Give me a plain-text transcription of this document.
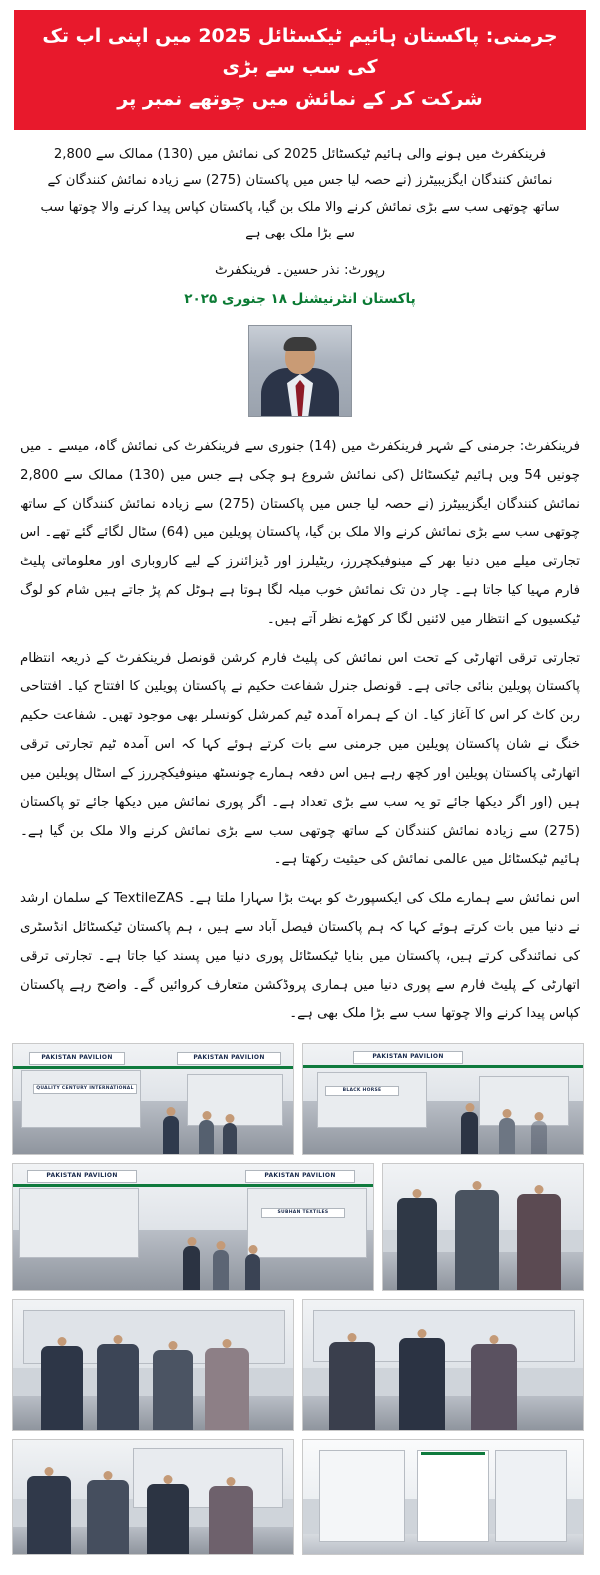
جرمنی: پاکستان ہائیم ٹیکسٹائل 2025 میں اپنی اب تک کی سب سے بڑی
شرکت کر کے نمائش میں چوتھے نمبر پر
فرینکفرٹ میں ہونے والی ہائیم ٹیکسٹائل 2025 کی نمائش میں (130) ممالک سے 2,800 نمائش کنندگان ایگزیبیٹرز (نے حصہ لیا جس میں پاکستان (275) سے زیادہ نمائش کنندگان کے ساتھ چوتھی سب سے بڑی نمائش کرنے والا ملک بن گیا، پاکستان کپاس پیدا کرنے والا چوتھا سب سے بڑا ملک بھی ہے
رپورٹ: نذر حسین۔ فرینکفرٹ
پاکستان انٹرنیشنل ۱۸ جنوری ۲۰۲۵

فرینکفرٹ: جرمنی کے شہر فرینکفرٹ میں (14) جنوری سے فرینکفرٹ کی نمائش گاہ، میسے ۔ میں چونیں 54 ویں ہائیم ٹیکسٹائل (کی نمائش شروع ہو چکی ہے جس میں (130) ممالک سے 2,800 نمائش کنندگان ایگزیبیٹرز (نے حصہ لیا جس میں پاکستان (275) سے زیادہ نمائش کنندگان کے ساتھ چوتھی سب سے بڑی نمائش کرنے والا ملک بن گیا، پاکستان پویلین میں (64) سٹال لگائے گئے تھے۔ اس تجارتی میلے میں دنیا بھر کے مینوفیکچررز، ریٹیلرز اور ڈیزائنرز کے لیے کاروباری اور معلوماتی پلیٹ فارم مہیا کیا جاتا ہے۔ چار دن تک نمائش خوب میلہ لگا ہوتا ہے ہوٹل کم پڑ جاتے ہیں شام کو لوگ ٹیکسیوں کے انتظار میں لائنیں لگا کر کھڑے نظر آتے ہیں۔

تجارتی ترقی اتھارٹی کے تحت اس نمائش کی پلیٹ فارم کرشن قونصل فرینکفرٹ کے ذریعہ انتظام پاکستان پویلین بنائی جاتی ہے۔ قونصل جنرل شفاعت حکیم نے پاکستان پویلین کا افتتاح کیا۔ افتتاحی ربن کاٹ کر اس کا آغاز کیا۔ ان کے ہمراہ آمدہ ٹیم کمرشل کونسلر بھی موجود تھیں۔ شفاعت حکیم خنگ نے شان پاکستان پویلین میں جرمنی سے بات کرتے ہوئے کہا کہ اس آمدہ ٹیم تجارتی ترقی اتھارٹی پاکستان پویلین اور کچھ رہے ہیں اس دفعہ ہمارے چونسٹھ مینوفیکچررز کے اسٹال پویلین میں ہیں (اور اگر دیکھا جائے تو یہ سب سے بڑی تعداد ہے۔ اگر پوری نمائش میں دیکھا جائے تو پاکستان (275) سے زیادہ نمائش کنندگان کے ساتھ چوتھی سب سے بڑی نمائش کرنے والا ملک بن گیا ہے۔ ہائیم ٹیکسٹائل میں عالمی نمائش کی حیثیت رکھتا ہے۔

اس نمائش سے ہمارے ملک کی ایکسپورٹ کو بہت بڑا سہارا ملتا ہے۔ TextileZAS کے سلمان ارشد نے دنیا میں بات کرتے ہوئے کہا کہ ہم پاکستان فیصل آباد سے ہیں ، ہم پاکستان ٹیکسٹائل انڈسٹری کی نمائندگی کرتے ہیں، پاکستان میں بنایا ٹیکسٹائل پوری دنیا میں پسند کیا جاتا ہے۔ تجارتی ترقی اتھارٹی کے پلیٹ فارم سے پوری دنیا میں ہماری پروڈکشن متعارف کروائیں گے۔ واضح رہے پاکستان کپاس پیدا کرنے والا چوتھا سب سے بڑا ملک بھی ہے۔

PAKISTAN PAVILION	PAKISTAN PAVILION
QUALITY CENTURY INTERNATIONAL
PAKISTAN PAVILION
BLACK HORSE
PAKISTAN PAVILION	PAKISTAN PAVILION
SUBHAN TEXTILES
